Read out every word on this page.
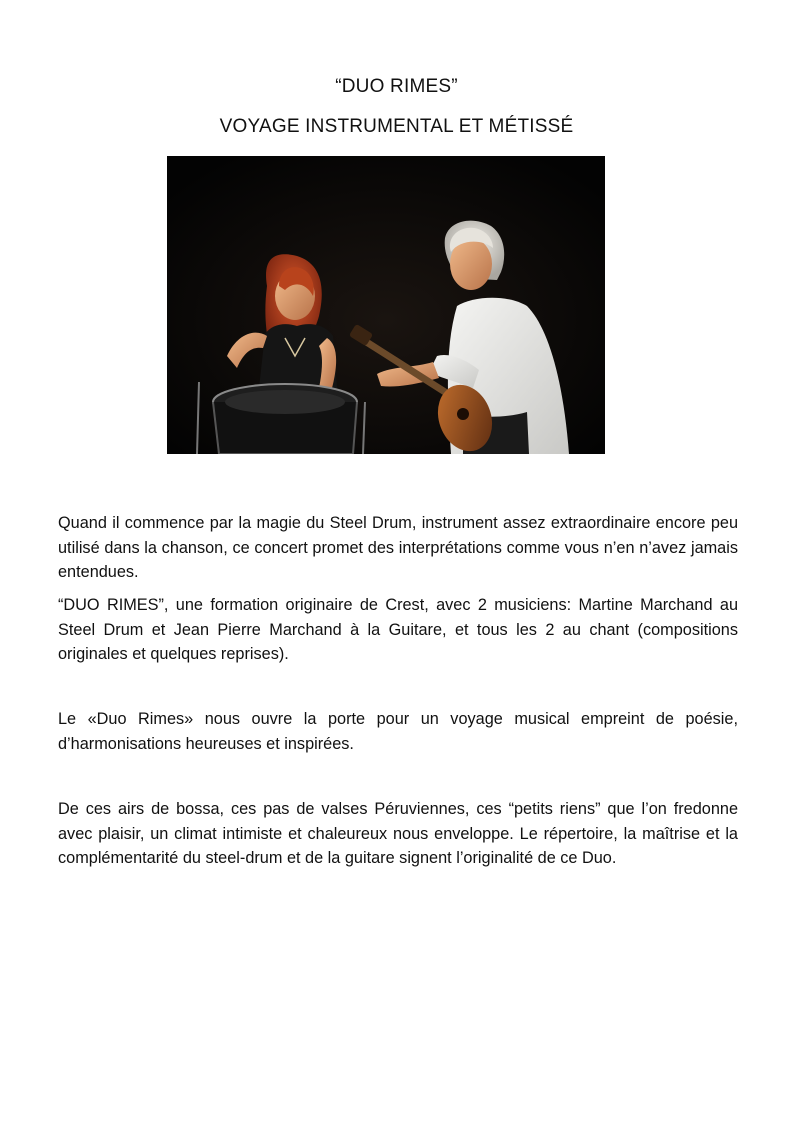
“DUO RIMES”
VOYAGE INSTRUMENTAL ET MÉTISSÉ

Quand il commence par la magie du Steel Drum, instrument assez extraordinaire encore peu utilisé dans la chanson, ce concert promet des interprétations comme vous n’en n’avez jamais entendues.

“DUO RIMES”, une formation originaire de Crest, avec 2 musiciens: Martine Marchand au Steel Drum et Jean Pierre Marchand à la Guitare, et tous les 2 au chant (compositions originales et quelques reprises).

Le «Duo Rimes» nous ouvre la porte pour un voyage musical empreint de poésie, d’harmonisations heureuses et inspirées.

De ces airs de bossa, ces pas de valses Péruviennes, ces “petits riens” que l’on fredonne avec plaisir, un climat intimiste et chaleureux nous enveloppe. Le répertoire, la maîtrise et la complémentarité du steel-drum et de la guitare signent l’originalité de ce Duo.
